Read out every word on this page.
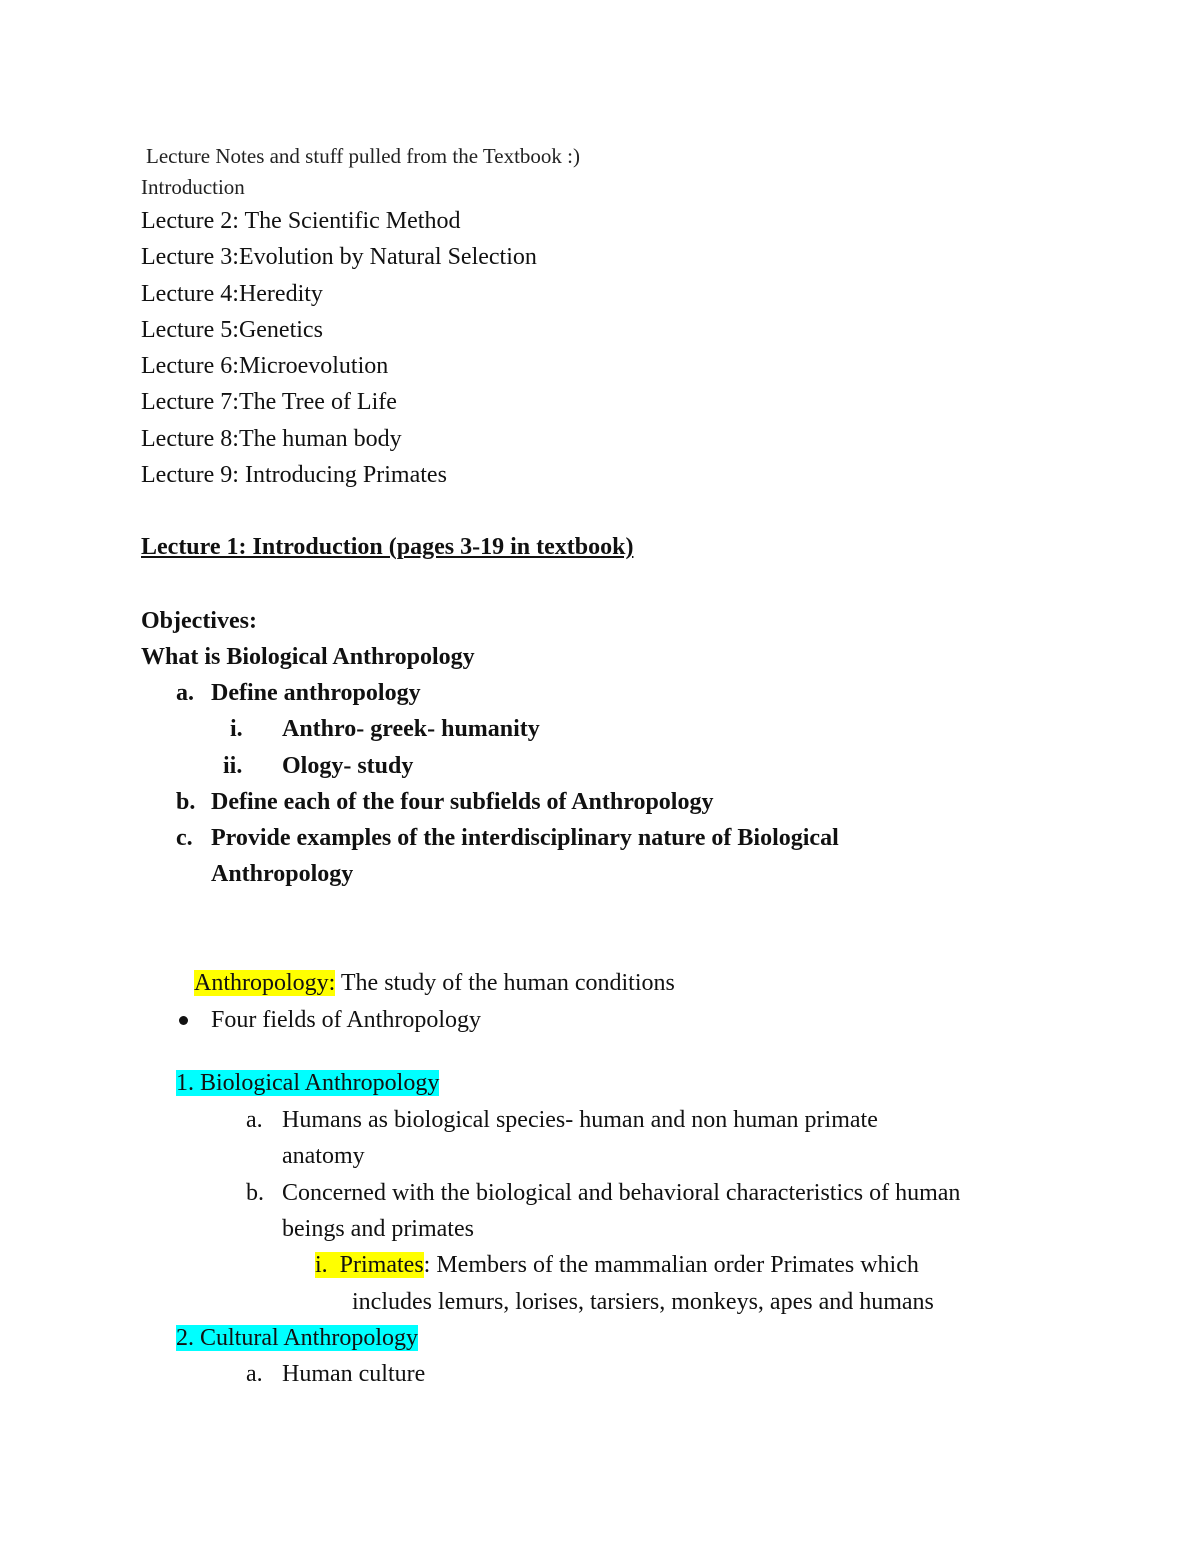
Lecture Notes and stuff pulled from the Textbook :)
Introduction
Lecture 2: The Scientific Method
Lecture 3:Evolution by Natural Selection
Lecture 4:Heredity
Lecture 5:Genetics
Lecture 6:Microevolution
Lecture 7:The Tree of Life
Lecture 8:The human body
Lecture 9: Introducing Primates
Lecture 1: Introduction (pages 3-19 in textbook)
Objectives:
What is Biological Anthropology
a. Define anthropology
i. Anthro- greek- humanity
ii. Ology- study
b. Define each of the four subfields of Anthropology
c. Provide examples of the interdisciplinary nature of Biological
Anthropology
Anthropology: The study of the human conditions
Four fields of Anthropology
1. Biological Anthropology
a. Humans as biological species- human and non human primate
anatomy
b. Concerned with the biological and behavioral characteristics of human
beings and primates
i. Primates: Members of the mammalian order Primates which
includes lemurs, lorises, tarsiers, monkeys, apes and humans
2. Cultural Anthropology
a. Human culture
